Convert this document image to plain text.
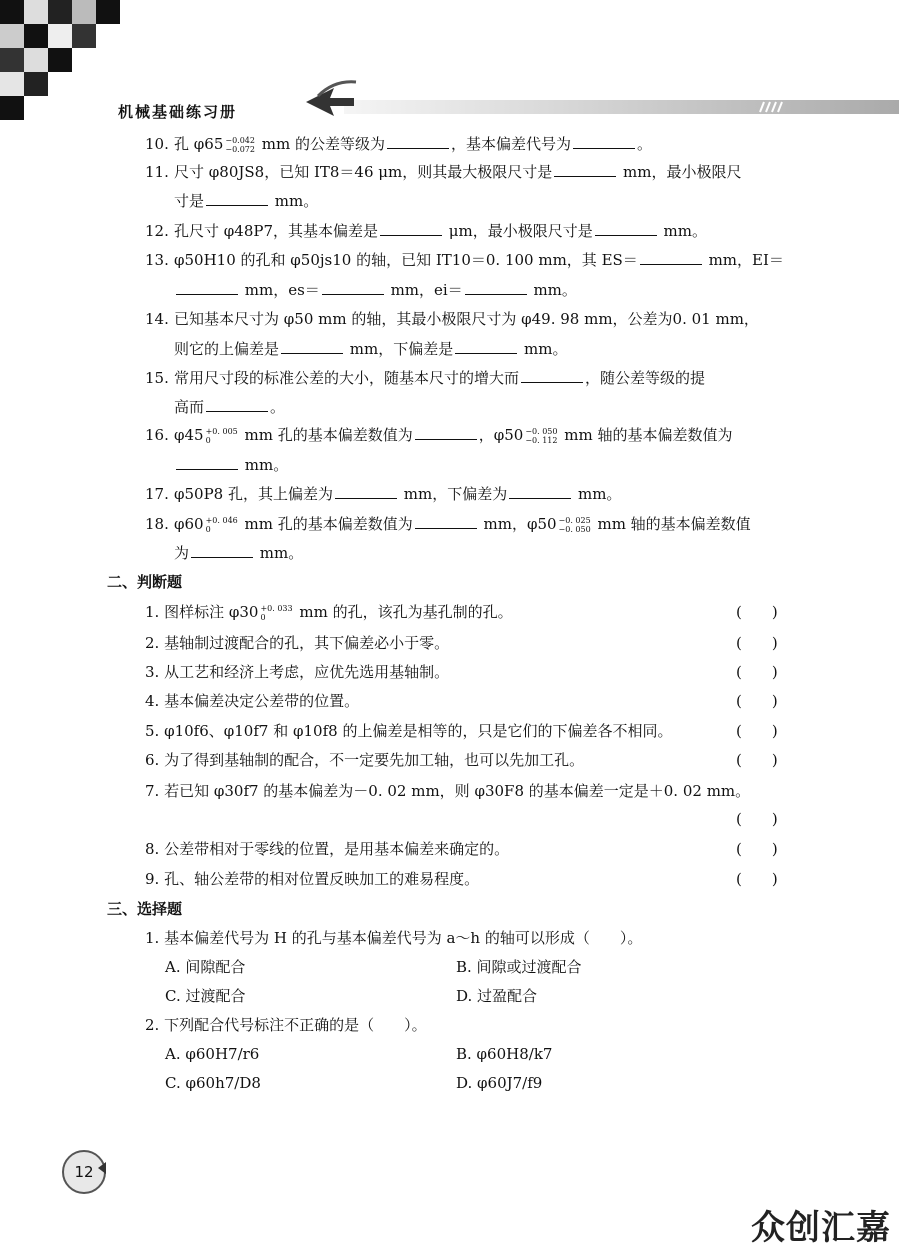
机械基础练习册
10. 孔 φ65 −0.042
−0.072 mm 的公差等级为	，基本偏差代号为	。
11. 尺寸 φ80JS8，已知 IT8＝46 μm，则其最大极限尺寸是	mm，最小极限尺
寸是	mm。
12. 孔尺寸 φ48P7，其基本偏差是	μm，最小极限尺寸是	mm。
13. φ50H10 的孔和 φ50js10 的轴，已知 IT10＝0. 100 mm，其 ES＝	mm，EI＝
mm，es＝	mm，ei＝	mm。
14. 已知基本尺寸为 φ50 mm 的轴，其最小极限尺寸为 φ49. 98 mm，公差为0. 01 mm，
则它的上偏差是	mm，下偏差是	mm。
15. 常用尺寸段的标准公差的大小，随基本尺寸的增大而	，随公差等级的提
高而	。
16. φ45 +0. 005
0	mm 孔的基本偏差数值为	，φ50 −0. 050
−0. 112 mm 轴的基本偏差数值为
mm。
17. φ50P8 孔，其上偏差为	mm，下偏差为	mm。
18. φ60 +0. 046
0	mm 孔的基本偏差数值为	mm，φ50 −0. 025
−0. 050 mm 轴的基本偏差数值
为	mm。
二、判断题
1. 图样标注 φ30 +0. 033
0	mm 的孔，该孔为基孔制的孔。	(　　)
2. 基轴制过渡配合的孔，其下偏差必小于零。	(　　)
3. 从工艺和经济上考虑，应优先选用基轴制。	(　　)
4. 基本偏差决定公差带的位置。	(　　)
5. φ10f6、φ10f7 和 φ10f8 的上偏差是相等的，只是它们的下偏差各不相同。	(　　)
6. 为了得到基轴制的配合，不一定要先加工轴，也可以先加工孔。	(　　)
7. 若已知 φ30f7 的基本偏差为－0. 02 mm，则 φ30F8 的基本偏差一定是＋0. 02 mm。
(　　)
8. 公差带相对于零线的位置，是用基本偏差来确定的。	(　　)
9. 孔、轴公差带的相对位置反映加工的难易程度。	(　　)
三、选择题
1. 基本偏差代号为 H 的孔与基本偏差代号为 a～h 的轴可以形成（　　）。
A. 间隙配合	B. 间隙或过渡配合
C. 过渡配合	D. 过盈配合
2. 下列配合代号标注不正确的是（　　）。
A. φ60H7/r6	B. φ60H8/k7
C. φ60h7/D8	D. φ60J7/f9
12
众创汇嘉
